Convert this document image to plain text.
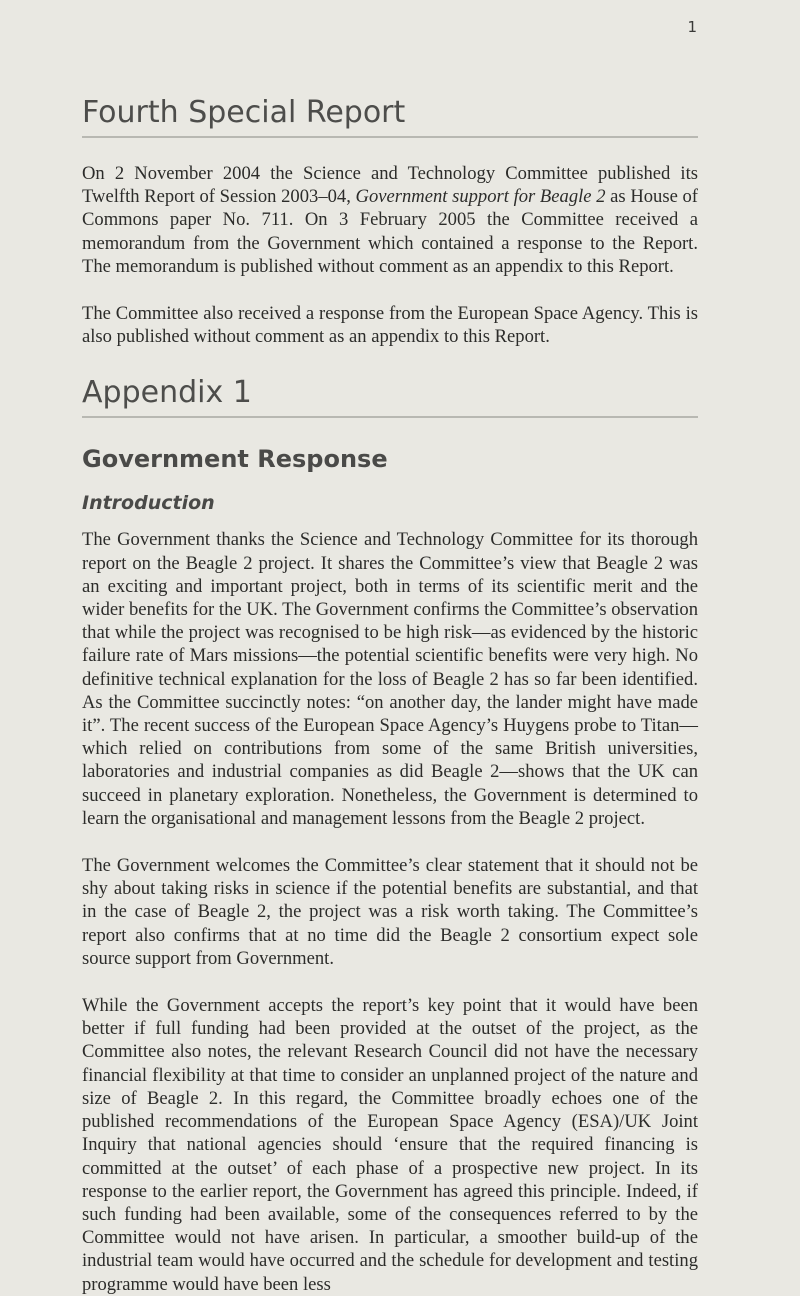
1
Fourth Special Report

On 2 November 2004 the Science and Technology Committee published its Twelfth Report of Session 2003–04, Government support for Beagle 2 as House of Commons paper No. 711. On 3 February 2005 the Committee received a memorandum from the Government which contained a response to the Report. The memorandum is published without comment as an appendix to this Report.

The Committee also received a response from the European Space Agency. This is also published without comment as an appendix to this Report.

Appendix 1
Government Response
Introduction

The Government thanks the Science and Technology Committee for its thorough report on the Beagle 2 project. It shares the Committee’s view that Beagle 2 was an exciting and important project, both in terms of its scientific merit and the wider benefits for the UK. The Government confirms the Committee’s observation that while the project was recognised to be high risk—as evidenced by the historic failure rate of Mars missions—the potential scientific benefits were very high. No definitive technical explanation for the loss of Beagle 2 has so far been identified. As the Committee succinctly notes: “on another day, the lander might have made it”. The recent success of the European Space Agency’s Huygens probe to Titan—which relied on contributions from some of the same British universities, laboratories and industrial companies as did Beagle 2—shows that the UK can succeed in planetary exploration. Nonetheless, the Government is determined to learn the organisational and management lessons from the Beagle 2 project.

The Government welcomes the Committee’s clear statement that it should not be shy about taking risks in science if the potential benefits are substantial, and that in the case of Beagle 2, the project was a risk worth taking. The Committee’s report also confirms that at no time did the Beagle 2 consortium expect sole source support from Government.

While the Government accepts the report’s key point that it would have been better if full funding had been provided at the outset of the project, as the Committee also notes, the relevant Research Council did not have the necessary financial flexibility at that time to consider an unplanned project of the nature and size of Beagle 2. In this regard, the Committee broadly echoes one of the published recommendations of the European Space Agency (ESA)/UK Joint Inquiry that national agencies should ‘ensure that the required financing is committed at the outset’ of each phase of a prospective new project. In its response to the earlier report, the Government has agreed this principle. Indeed, if such funding had been available, some of the consequences referred to by the Committee would not have arisen. In particular, a smoother build-up of the industrial team would have occurred and the schedule for development and testing programme would have been less
